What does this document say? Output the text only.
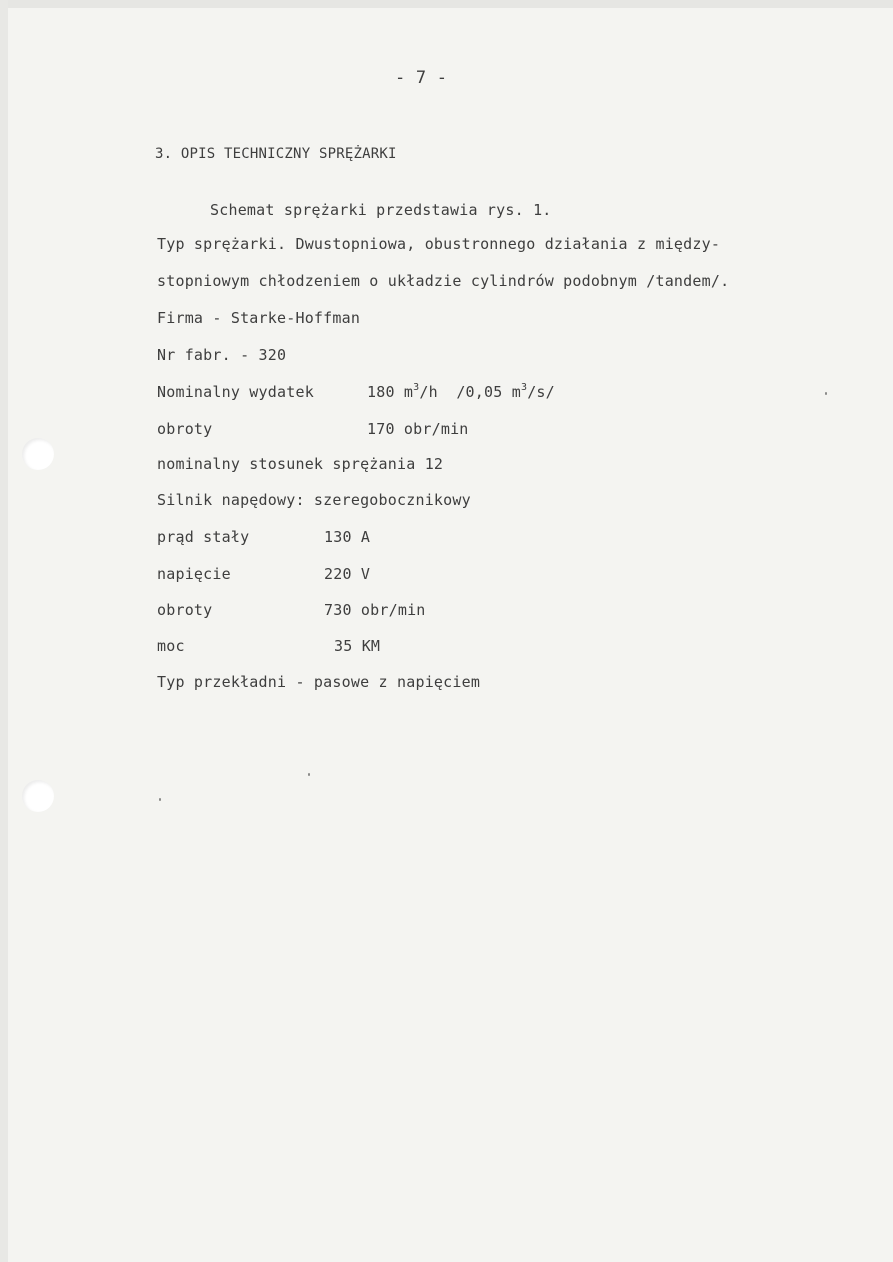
- 7 -
3. OPIS TECHNICZNY SPRĘŻARKI
Schemat sprężarki przedstawia rys. 1.
Typ sprężarki. Dwustopniowa, obustronnego działania z między-
stopniowym chłodzeniem o układzie cylindrów podobnym /tandem/.
Firma - Starke-Hoffman
Nr fabr. - 320
Nominalny wydatek	180 $m^3/h$ /0,05 $m^3/s/$
obroty	170 obr/min
nominalny stosunek sprężania 12
Silnik napędowy: szeregobocznikowy
prąd stały	130 A
napięcie	220 V
obroty	730 obr/min
moc	35 KM
Typ przekładni - pasowe z napięciem
